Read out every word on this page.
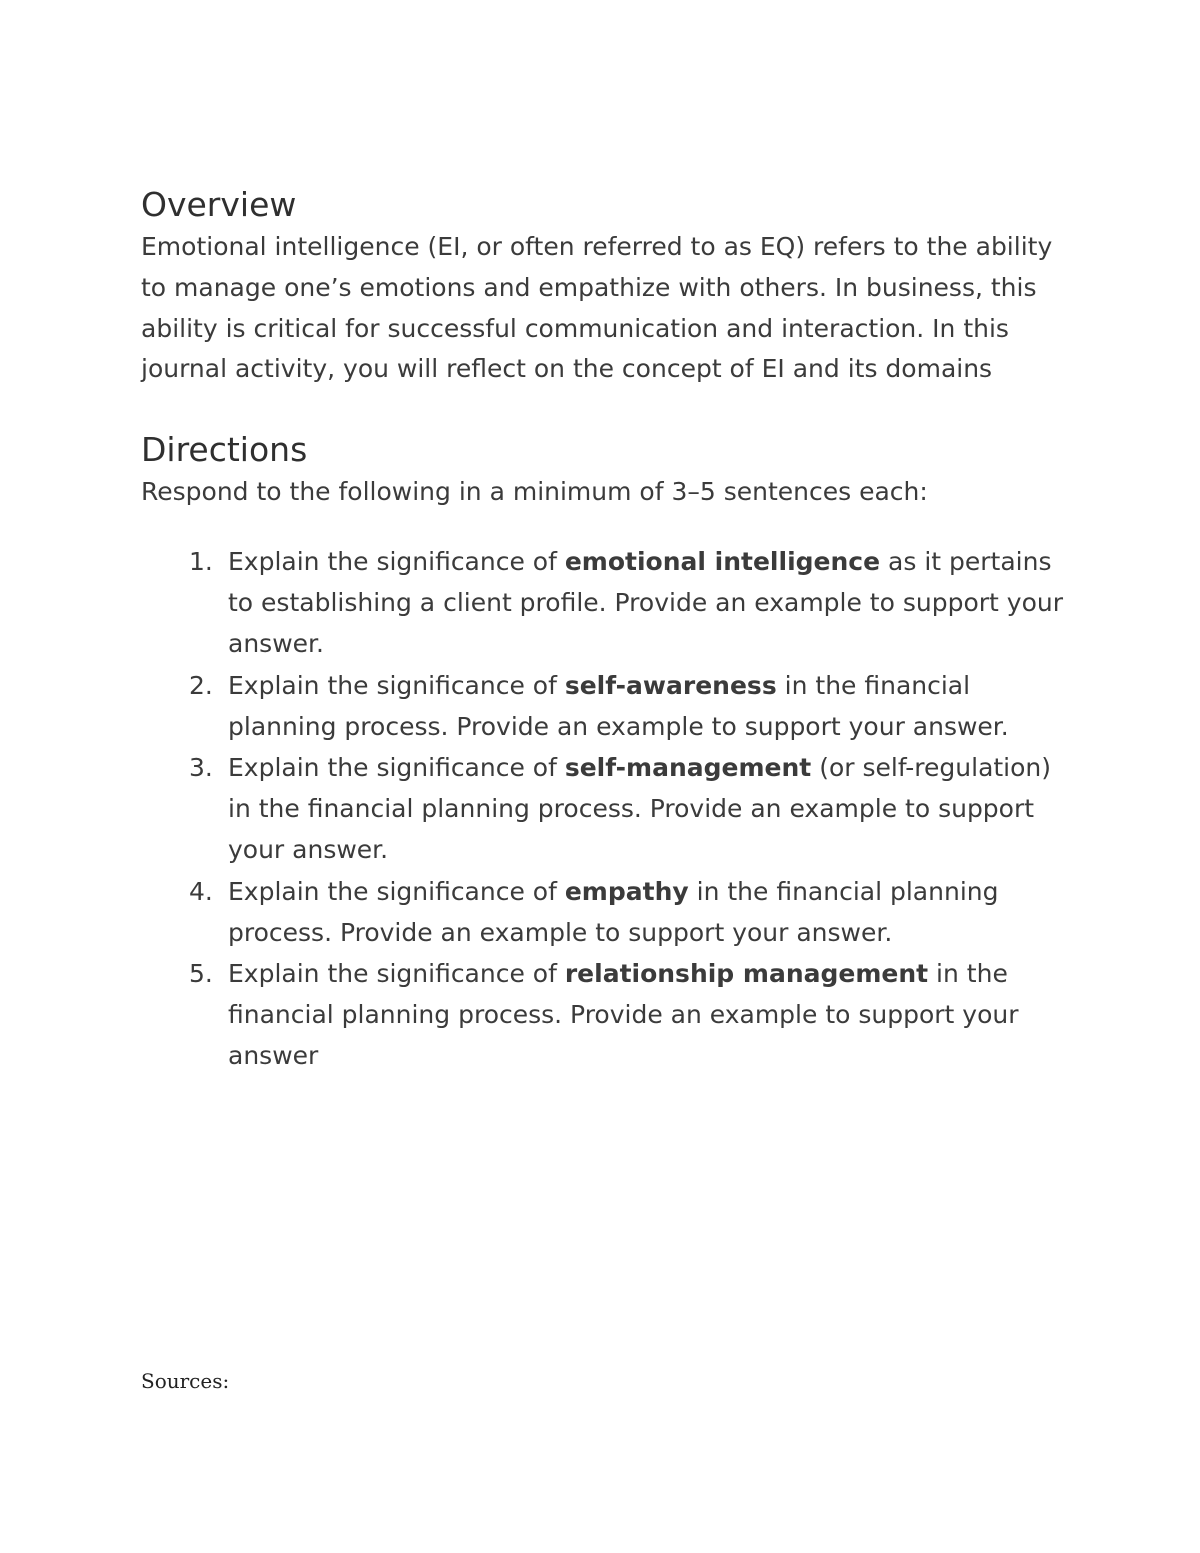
Overview

Emotional intelligence (EI, or often referred to as EQ) refers to the ability to manage one’s emotions and empathize with others. In business, this ability is critical for successful communication and interaction. In this journal activity, you will reflect on the concept of EI and its domains

Directions

Respond to the following in a minimum of 3–5 sentences each:

1. Explain the significance of emotional intelligence as it pertains to establishing a client profile. Provide an example to support your answer.
2. Explain the significance of self-awareness in the financial planning process. Provide an example to support your answer.
3. Explain the significance of self-management (or self-regulation) in the financial planning process. Provide an example to support your answer.
4. Explain the significance of empathy in the financial planning process. Provide an example to support your answer.
5. Explain the significance of relationship management in the financial planning process. Provide an example to support your answer
Sources:
